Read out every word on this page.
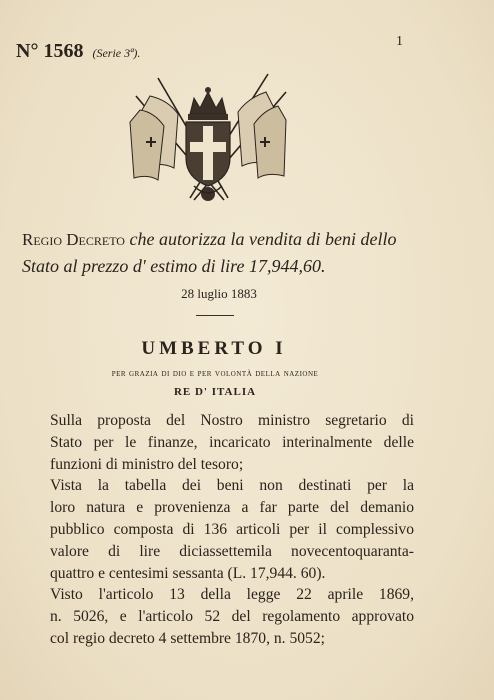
N° 1568 (Serie 3ª).
1
Regio Decreto che autorizza la vendita di beni dello
Stato al prezzo d' estimo di lire 17,944,60.
28 luglio 1883
UMBERTO I
per grazia di dio e per volontà della nazione
RE D' ITALIA
Sulla proposta del Nostro ministro segretario di
Stato per le finanze, incaricato interinalmente delle
funzioni di ministro del tesoro;
Vista la tabella dei beni non destinati per la
loro natura e provenienza a far parte del demanio
pubblico composta di 136 articoli per il complessivo
valore di lire diciassettemila novecentoquaranta-
quattro e centesimi sessanta (L. 17,944. 60).
Visto l'articolo 13 della legge 22 aprile 1869,
n. 5026, e l'articolo 52 del regolamento approvato
col regio decreto 4 settembre 1870, n. 5052;
